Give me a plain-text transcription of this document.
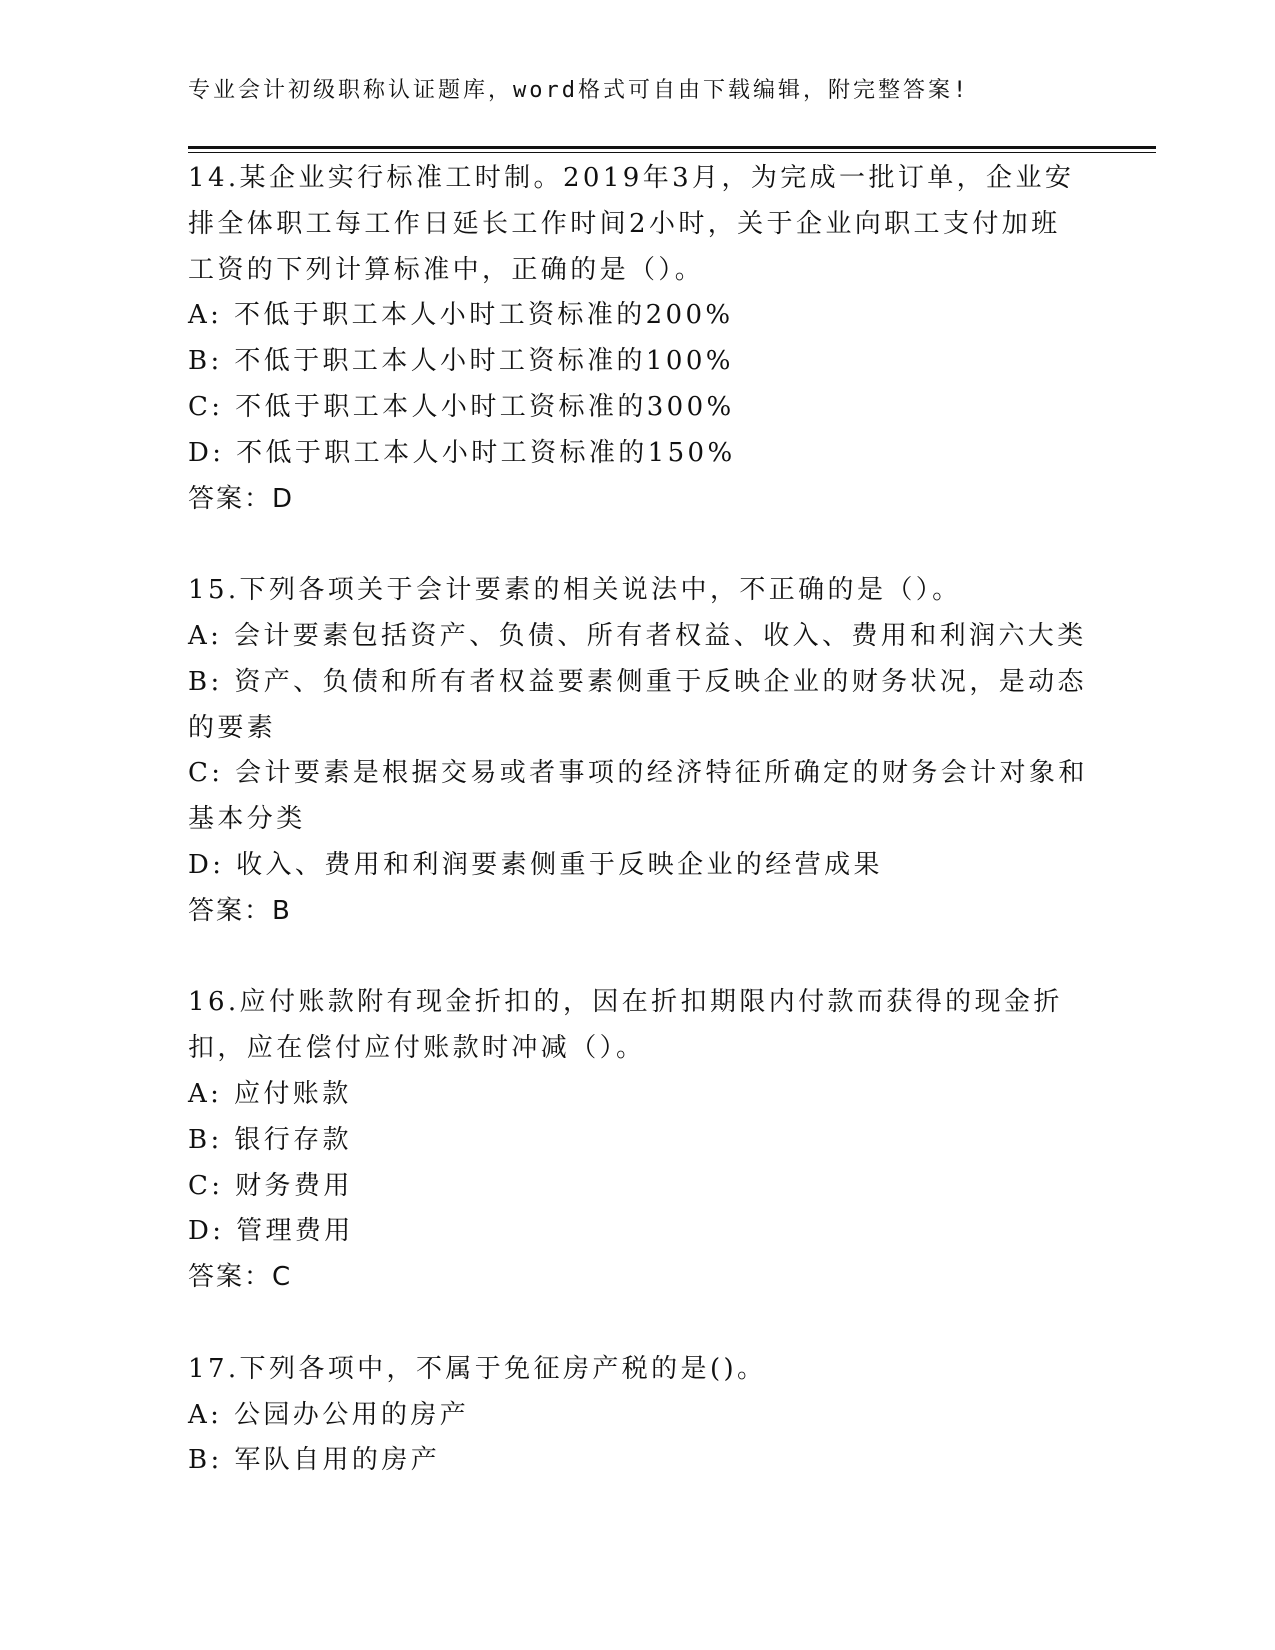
专业会计初级职称认证题库，word格式可自由下载编辑，附完整答案!

14.某企业实行标准工时制。2019年3月，为完成一批订单，企业安排全体职工每工作日延长工作时间2小时，关于企业向职工支付加班工资的下列计算标准中，正确的是（）。

A: 不低于职工本人小时工资标准的200%

B: 不低于职工本人小时工资标准的100%

C: 不低于职工本人小时工资标准的300%

D: 不低于职工本人小时工资标准的150%

答案：D

15.下列各项关于会计要素的相关说法中，不正确的是（）。

A: 会计要素包括资产、负债、所有者权益、收入、费用和利润六大类

B: 资产、负债和所有者权益要素侧重于反映企业的财务状况，是动态的要素

C: 会计要素是根据交易或者事项的经济特征所确定的财务会计对象和基本分类

D: 收入、费用和利润要素侧重于反映企业的经营成果

答案：B

16.应付账款附有现金折扣的，因在折扣期限内付款而获得的现金折扣，应在偿付应付账款时冲减（）。

A: 应付账款

B: 银行存款

C: 财务费用

D: 管理费用

答案：C

17.下列各项中，不属于免征房产税的是()。

A: 公园办公用的房产

B: 军队自用的房产
